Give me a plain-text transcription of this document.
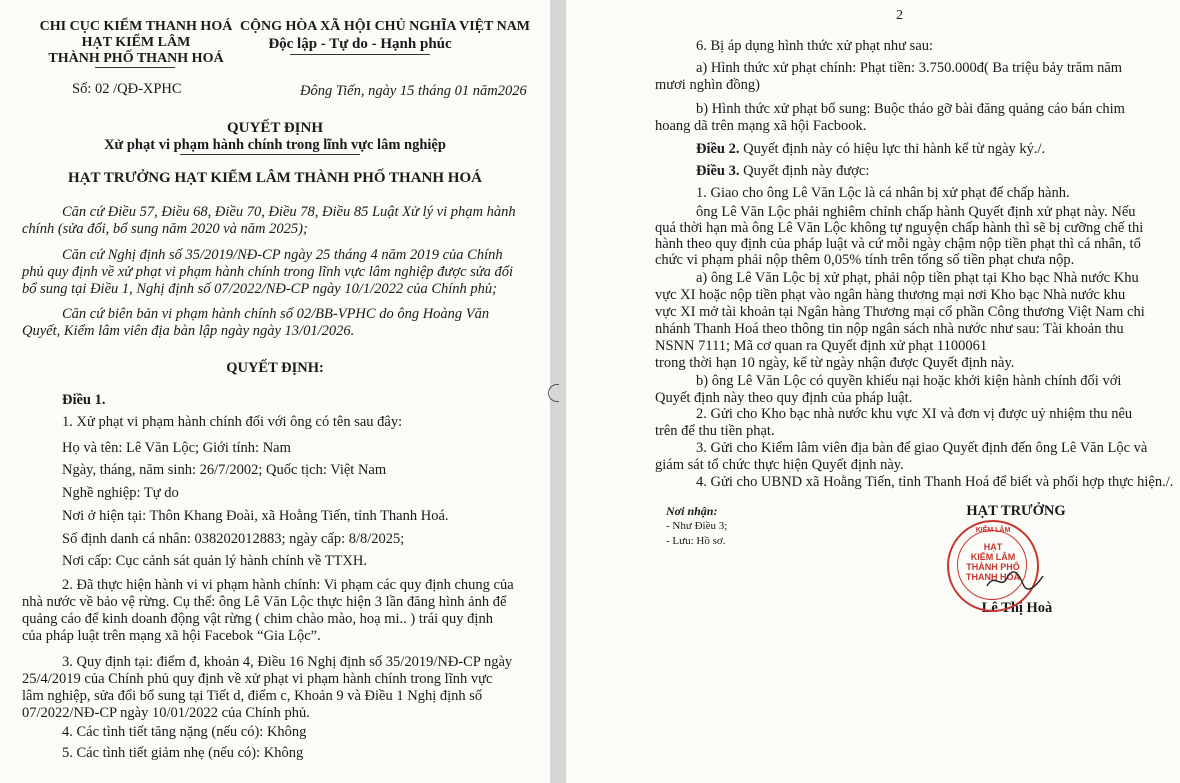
CHI CỤC KIỂM THANH HOÁ
HẠT KIỂM LÂM
THÀNH PHỐ THANH HOÁ
CỘNG HÒA XÃ HỘI CHỦ NGHĨA VIỆT NAM
Độc lập - Tự do - Hạnh phúc
Số: 02 /QĐ-XPHC	Đông Tiến, ngày 15 tháng 01 năm2026
QUYẾT ĐỊNH
Xử phạt vi phạm hành chính trong lĩnh vực lâm nghiệp
HẠT TRƯỞNG HẠT KIỂM LÂM THÀNH PHỐ THANH HOÁ
Căn cứ Điều 57, Điều 68, Điều 70, Điều 78, Điều 85 Luật Xử lý vi phạm hành
chính (sửa đổi, bổ sung năm 2020 và năm 2025);
Căn cứ Nghị định số 35/2019/NĐ-CP ngày 25 tháng 4 năm 2019 của Chính
phủ quy định về xử phạt vi phạm hành chính trong lĩnh vực lâm nghiệp được sửa đổi
bổ sung tại Điều 1, Nghị định số 07/2022/NĐ-CP ngày 10/1/2022 của Chính phủ;
Căn cứ biên bản vi phạm hành chính số 02/BB-VPHC do ông Hoàng Văn
Quyết, Kiểm lâm viên địa bàn lập ngày ngày 13/01/2026.
QUYẾT ĐỊNH:
Điều 1.
1. Xử phạt vi phạm hành chính đối với ông có tên sau đây:
Họ và tên: Lê Văn Lộc; Giới tính: Nam
Ngày, tháng, năm sinh: 26/7/2002; Quốc tịch: Việt Nam
Nghề nghiệp: Tự do
Nơi ở hiện tại: Thôn Khang Đoài, xã Hoằng Tiến, tỉnh Thanh Hoá.
Số định danh cá nhân: 038202012883; ngày cấp: 8/8/2025;
Nơi cấp: Cục cảnh sát quản lý hành chính về TTXH.
2. Đã thực hiện hành vi vi phạm hành chính: Vi phạm các quy định chung của
nhà nước về bảo vệ rừng. Cụ thể: ông Lê Văn Lộc thực hiện 3 lần đăng hình ảnh để
quảng cáo để kinh doanh động vật rừng ( chim chào mào, hoạ mi.. ) trái quy định
của pháp luật trên mạng xã hội Facebok “Gia Lộc”.
3. Quy định tại: điểm đ, khoản 4, Điều 16 Nghị định số 35/2019/NĐ-CP ngày
25/4/2019 của Chính phủ quy định về xử phạt vi phạm hành chính trong lĩnh vực
lâm nghiệp, sửa đổi bổ sung tại Tiết d, điểm c, Khoản 9 và Điều 1 Nghị định số
07/2022/NĐ-CP ngày 10/01/2022 của Chính phủ.
4. Các tình tiết tăng nặng (nếu có): Không
5. Các tình tiết giảm nhẹ (nếu có): Không
2
6. Bị áp dụng hình thức xử phạt như sau:
a) Hình thức xử phạt chính: Phạt tiền: 3.750.000đ( Ba triệu bảy trăm năm
mươi nghìn đồng)
b) Hình thức xử phạt bổ sung: Buộc tháo gỡ bài đăng quảng cáo bán chim
hoang dã trên mạng xã hội Facbook.
Điều 2. Quyết định này có hiệu lực thi hành kể từ ngày ký./.
Điều 3. Quyết định này được:
1. Giao cho ông Lê Văn Lộc là cá nhân bị xử phạt để chấp hành.
ông Lê Văn Lộc phải nghiêm chỉnh chấp hành Quyết định xử phạt này. Nếu
quá thời hạn mà ông Lê Văn Lộc không tự nguyện chấp hành thì sẽ bị cưỡng chế thi
hành theo quy định của pháp luật và cứ mỗi ngày chậm nộp tiền phạt thì cá nhân, tổ
chức vi phạm phải nộp thêm 0,05% tính trên tổng số tiền phạt chưa nộp.
a) ông Lê Văn Lộc bị xử phạt, phải nộp tiền phạt tại Kho bạc Nhà nước Khu
vực XI hoặc nộp tiền phạt vào ngân hàng thương mại nơi Kho bạc Nhà nước khu
vực XI mở tài khoản tại Ngân hàng Thương mại cổ phần Công thương Việt Nam chi
nhánh Thanh Hoá theo thông tin nộp ngân sách nhà nước như sau: Tài khoản thu
NSNN 7111; Mã cơ quan ra Quyết định xử phạt 1100061
trong thời hạn 10 ngày, kể từ ngày nhận được Quyết định này.
b) ông Lê Văn Lộc có quyền khiếu nại hoặc khởi kiện hành chính đối với
Quyết định này theo quy định của pháp luật.
2. Gửi cho Kho bạc nhà nước khu vực XI và đơn vị được uỷ nhiệm thu nêu
trên để thu tiền phạt.
3. Gửi cho Kiểm lâm viên địa bàn để giao Quyết định đến ông Lê Văn Lộc và
giám sát tổ chức thực hiện Quyết định này.
4. Gửi cho UBND xã Hoằng Tiến, tỉnh Thanh Hoá để biết và phối hợp thực hiện./.
Nơi nhận:
- Như Điều 3;
- Lưu: Hồ sơ.
HẠT TRƯỞNG
Lê Thị Hoà
KIỂM LÂM
HẠT
KIỂM LÂM
THÀNH PHỐ
THANH HOÁ
